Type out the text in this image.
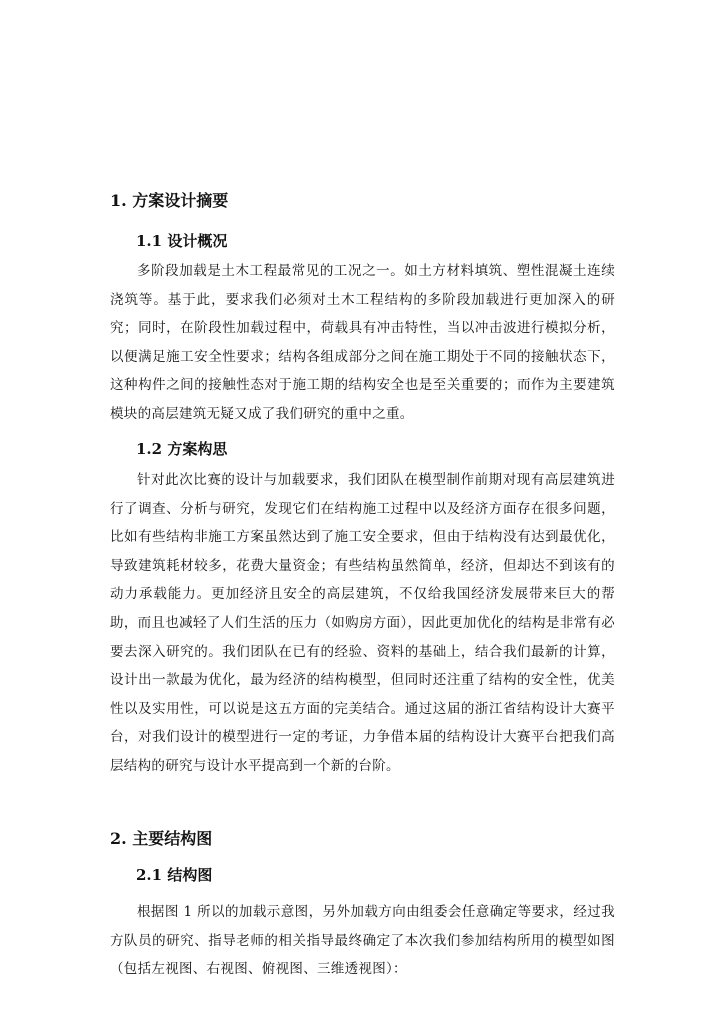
1. 方案设计摘要
1.1 设计概况
多阶段加载是土木工程最常见的工况之一。如土方材料填筑、塑性混凝土连续浇筑等。基于此，要求我们必须对土木工程结构的多阶段加载进行更加深入的研究；同时，在阶段性加载过程中，荷载具有冲击特性，当以冲击波进行模拟分析，以便满足施工安全性要求；结构各组成部分之间在施工期处于不同的接触状态下，这种构件之间的接触性态对于施工期的结构安全也是至关重要的；而作为主要建筑模块的高层建筑无疑又成了我们研究的重中之重。
1.2 方案构思
针对此次比赛的设计与加载要求，我们团队在模型制作前期对现有高层建筑进行了调查、分析与研究，发现它们在结构施工过程中以及经济方面存在很多问题，比如有些结构非施工方案虽然达到了施工安全要求，但由于结构没有达到最优化，导致建筑耗材较多，花费大量资金；有些结构虽然简单，经济，但却达不到该有的动力承载能力。更加经济且安全的高层建筑，不仅给我国经济发展带来巨大的帮助，而且也减轻了人们生活的压力（如购房方面），因此更加优化的结构是非常有必要去深入研究的。我们团队在已有的经验、资料的基础上，结合我们最新的计算，设计出一款最为优化，最为经济的结构模型，但同时还注重了结构的安全性，优美性以及实用性，可以说是这五方面的完美结合。通过这届的浙江省结构设计大赛平台，对我们设计的模型进行一定的考证，力争借本届的结构设计大赛平台把我们高层结构的研究与设计水平提高到一个新的台阶。
2. 主要结构图
2.1 结构图
根据图 1 所以的加载示意图，另外加载方向由组委会任意确定等要求，经过我方队员的研究、指导老师的相关指导最终确定了本次我们参加结构所用的模型如图（包括左视图、右视图、俯视图、三维透视图）：
